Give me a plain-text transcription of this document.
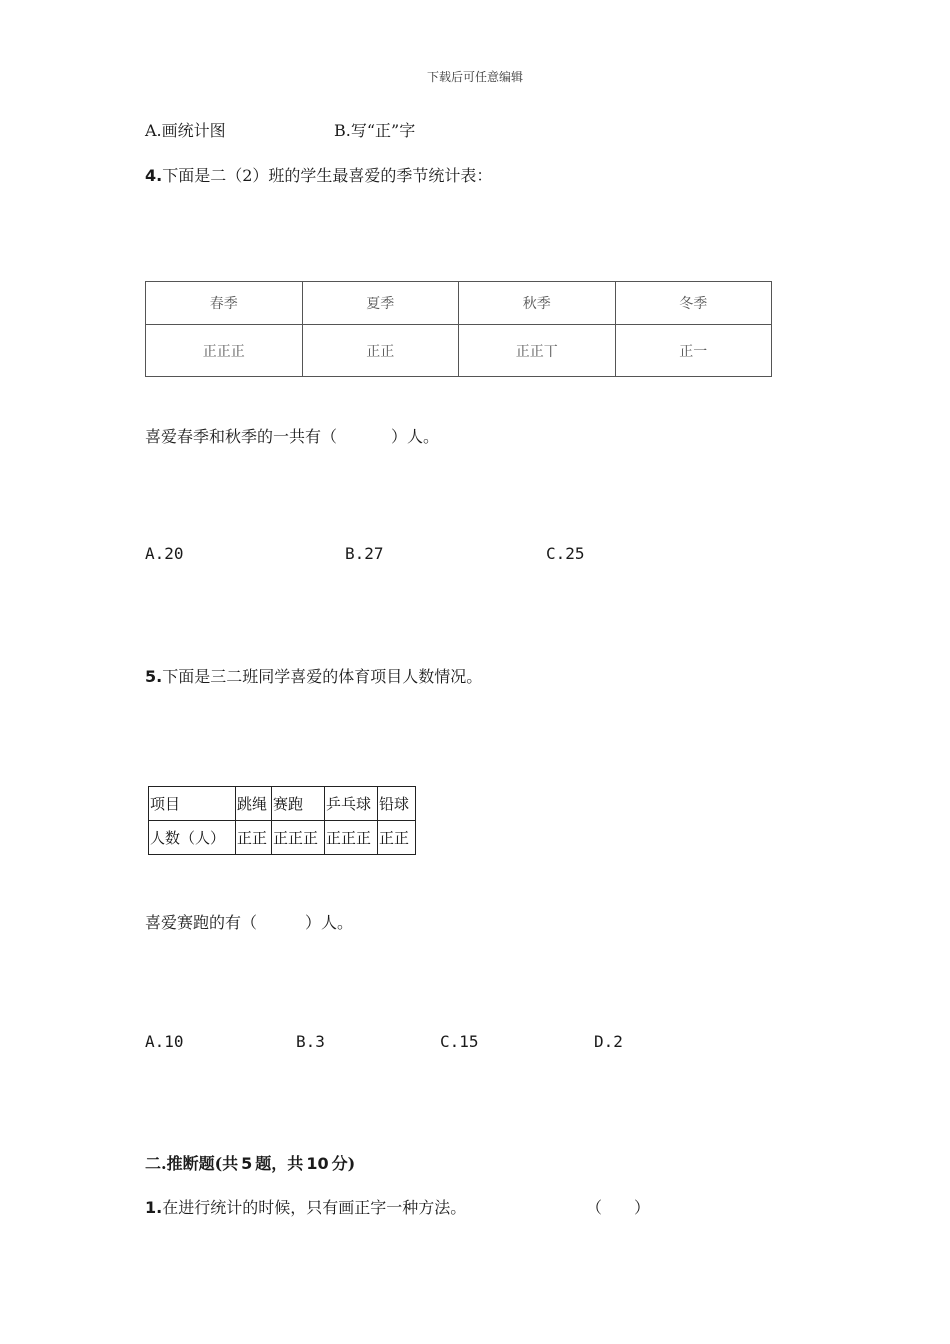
下载后可任意编辑
A.画统计图	B.写“正”字
4.下面是二（2）班的学生最喜爱的季节统计表：
春季	夏季	秋季	冬季
正正正	正正	正正丅	正一
喜爱春季和秋季的一共有（	）人。
A.20	B.27	C.25
5.下面是三二班同学喜爱的体育项目人数情况。
项目	跳绳	赛跑	乒乓球	铅球
人数（人）	正正	正正正	正正正	正正
喜爱赛跑的有（	）人。
A.10	B.3	C.15	D.2
二.推断题(共 5 题，共 10 分)
1.在进行统计的时候，只有画正字一种方法。	（　　）
